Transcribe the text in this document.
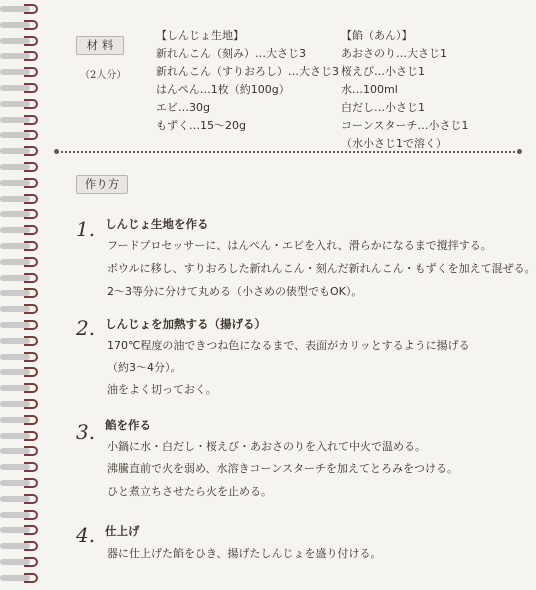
材 料
（2人分）
【しんじょ生地】
新れんこん（刻み）…大さじ3
新れんこん（すりおろし）…大さじ3
はんぺん…1枚（約100g）
エビ…30g
もずく…15〜20g
【餡（あん）】
あおさのり…大さじ1
桜えび…小さじ1
水…100ml
白だし…小さじ1
コーンスターチ…小さじ1
（水小さじ1で溶く）
作り方
1. しんじょ生地を作る
フードプロセッサーに、はんぺん・エビを入れ、滑らかになるまで撹拌する。
ボウルに移し、すりおろした新れんこん・刻んだ新れんこん・もずくを加えて混ぜる。
2〜3等分に分けて丸める（小さめの俵型でもOK）。
2. しんじょを加熱する（揚げる）
170℃程度の油できつね色になるまで、表面がカリッとするように揚げる
（約3〜4分）。
油をよく切っておく。
3. 餡を作る
小鍋に水・白だし・桜えび・あおさのりを入れて中火で温める。
沸騰直前で火を弱め、水溶きコーンスターチを加えてとろみをつける。
ひと煮立ちさせたら火を止める。
4. 仕上げ
器に仕上げた餡をひき、揚げたしんじょを盛り付ける。
